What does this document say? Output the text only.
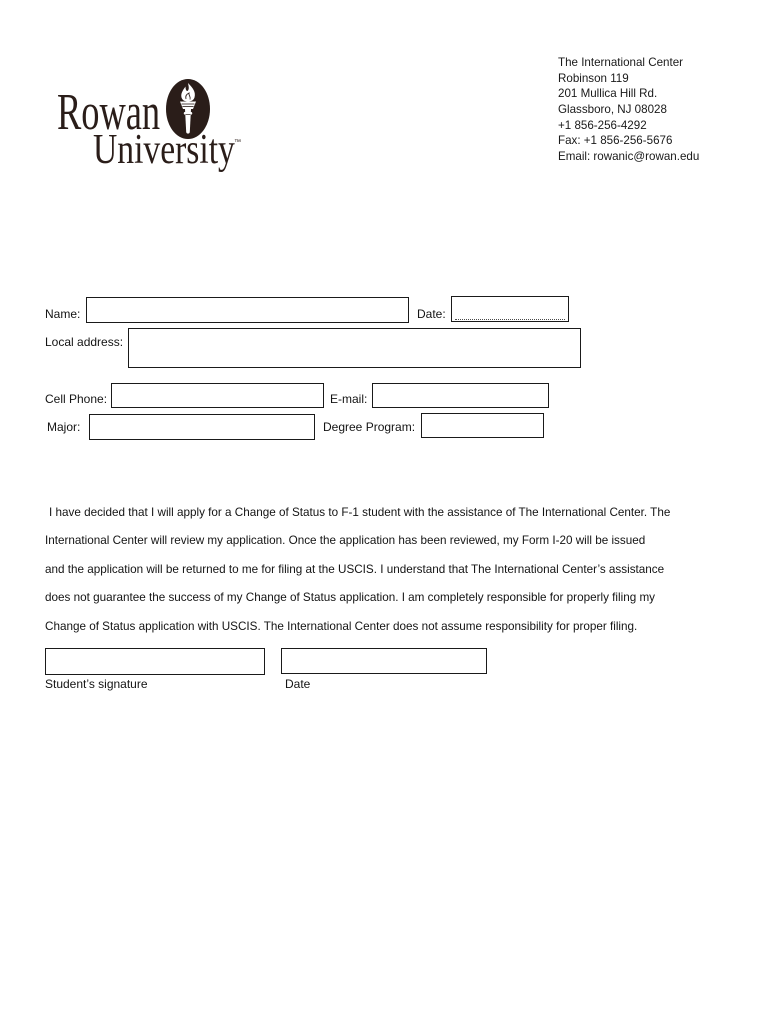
Rowan
University ™
The International Center
Robinson 119
201 Mullica Hill Rd.
Glassboro, NJ 08028
+1 856-256-4292
Fax: +1 856-256-5676
Email: rowanic@rowan.edu
Name:	Date:
Local address:
Cell Phone:	E-mail:
Major:	Degree Program:
I have decided that I will apply for a Change of Status to F-1 student with the assistance of The International Center. The
International Center will review my application. Once the application has been reviewed, my Form I-20 will be issued
and the application will be returned to me for filing at the USCIS. I understand that The International Center’s assistance
does not guarantee the success of my Change of Status application. I am completely responsible for properly filing my
Change of Status application with USCIS. The International Center does not assume responsibility for proper filing.
Student’s signature	Date
